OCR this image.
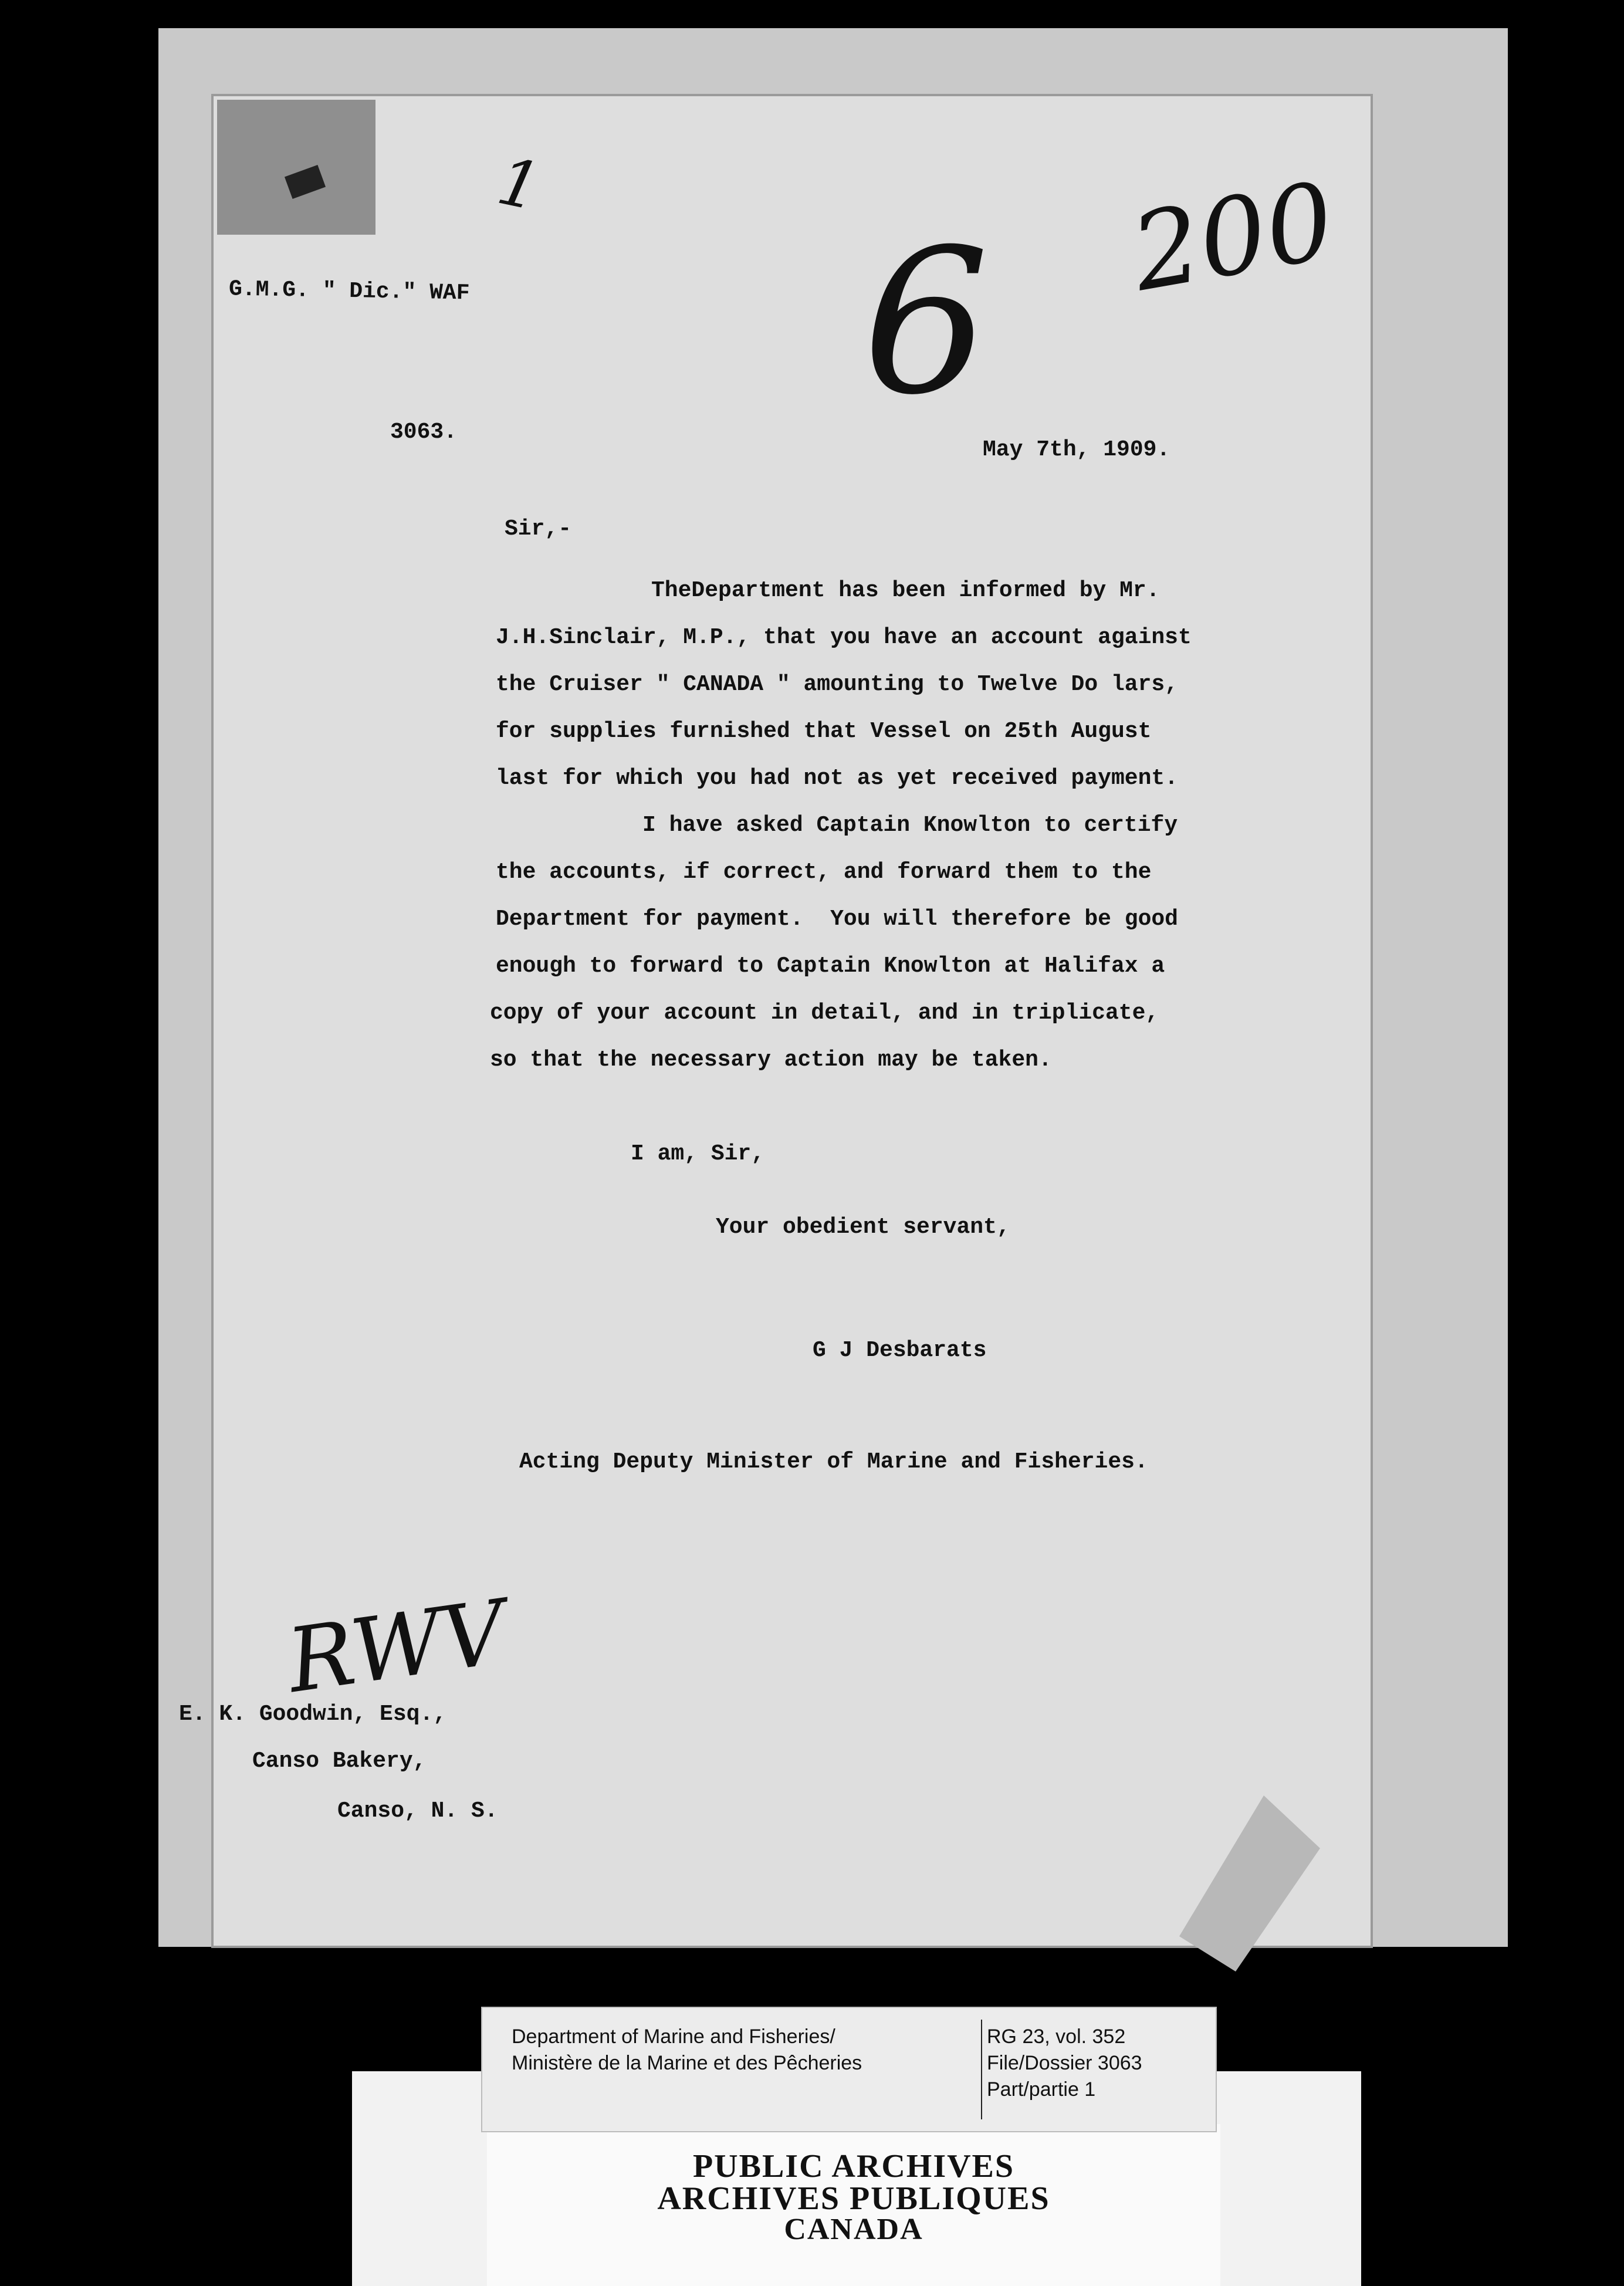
1	200
6
G.M.G. " Dic." WAF
3063.
May 7th, 1909.
Sir,-
TheDepartment has been informed by Mr.
J.H.Sinclair, M.P., that you have an account against
the Cruiser " CANADA " amounting to Twelve Do lars,
for supplies furnished that Vessel on 25th August
last for which you had not as yet received payment.
I have asked Captain Knowlton to certify
the accounts, if correct, and forward them to the
Department for payment.  You will therefore be good
enough to forward to Captain Knowlton at Halifax a
copy of your account in detail, and in triplicate,
so that the necessary action may be taken.
I am, Sir,
Your obedient servant,
G J Desbarats
Acting Deputy Minister of Marine and Fisheries.
RWV
E. K. Goodwin, Esq.,
Canso Bakery,
Canso, N. S.
PUBLIC ARCHIVES
ARCHIVES PUBLIQUES
CANADA
Department of Marine and Fisheries/
Ministère de la Marine et des Pêcheries
RG 23, vol. 352
File/Dossier 3063
Part/partie 1
